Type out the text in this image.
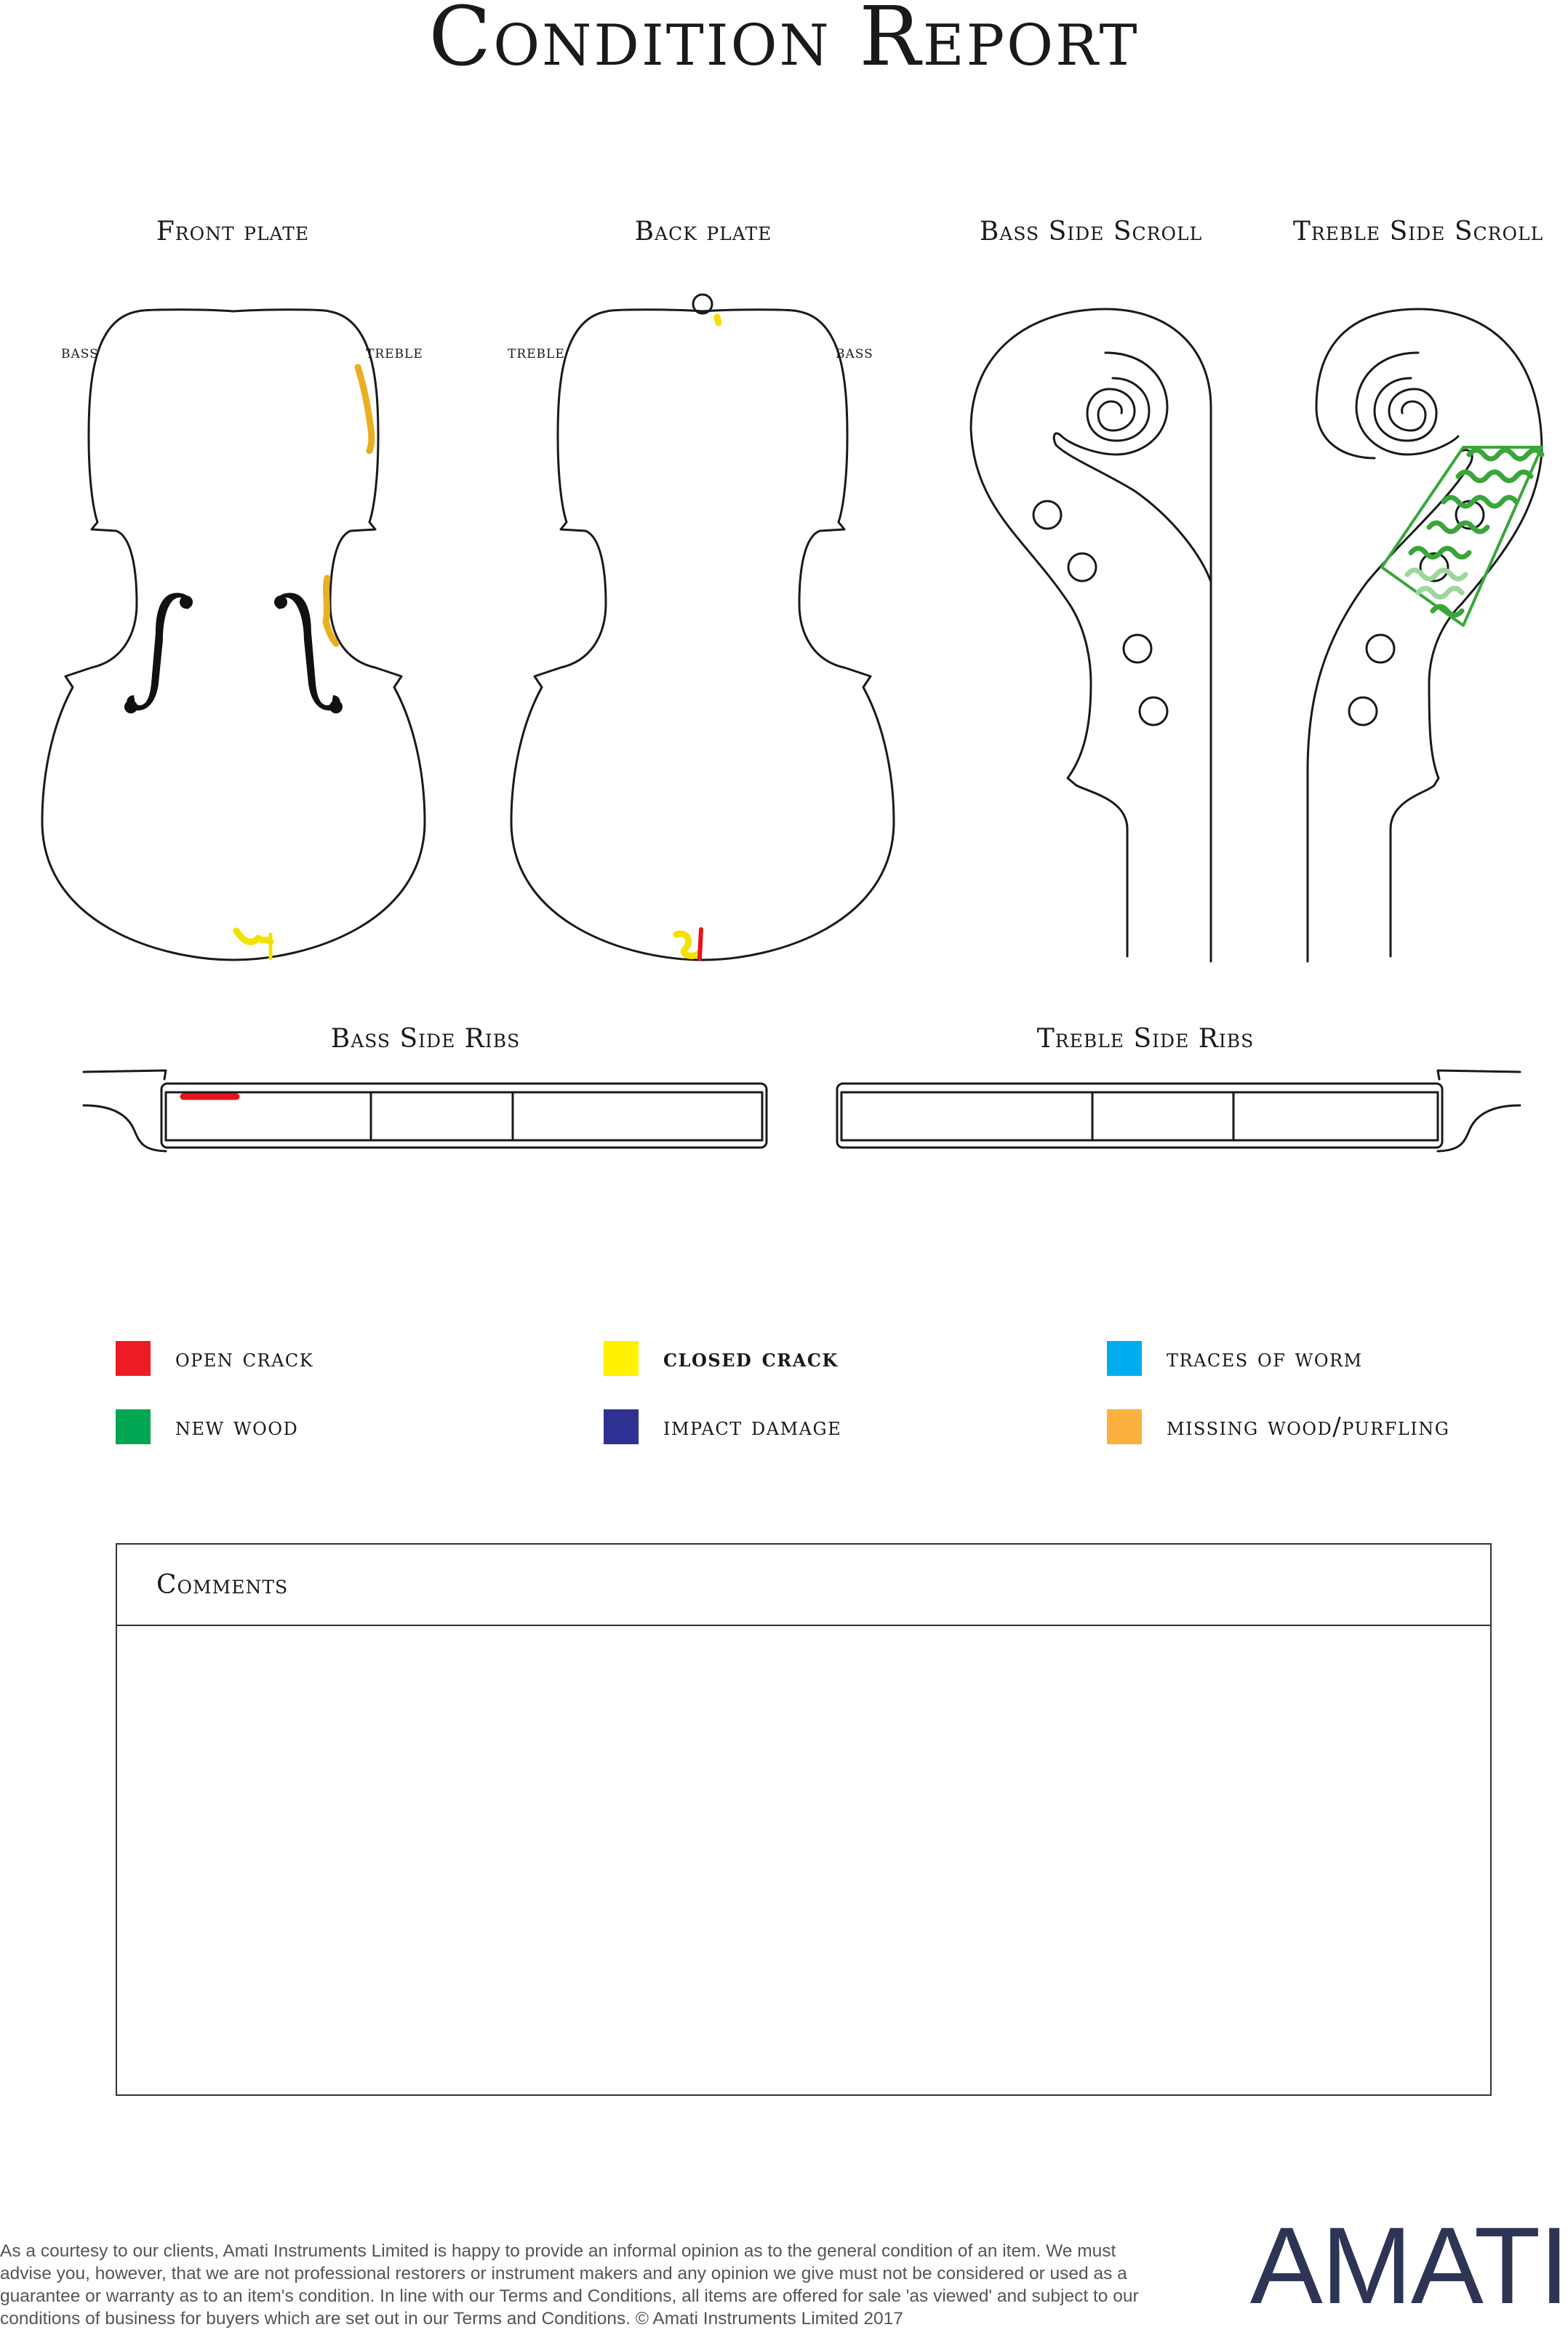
Condition Report
Front plate	Back plate	Bass Side Scroll	Treble Side Scroll
bass	treble	treble	bass
Bass Side Ribs	Treble Side Ribs
open crack	closed crack	traces of worm
new wood	impact damage	missing wood/purfling
Comments
As a courtesy to our clients, Amati Instruments Limited is happy to provide an informal opinion as to the general condition of an item. We must advise you, however, that we are not professional restorers or instrument makers and any opinion we give must not be considered or used as a guarantee or warranty as to an item's condition. In line with our Terms and Conditions, all items are offered for sale 'as viewed' and subject to our conditions of business for buyers which are set out in our Terms and Conditions. © Amati Instruments Limited 2017	AMATI
